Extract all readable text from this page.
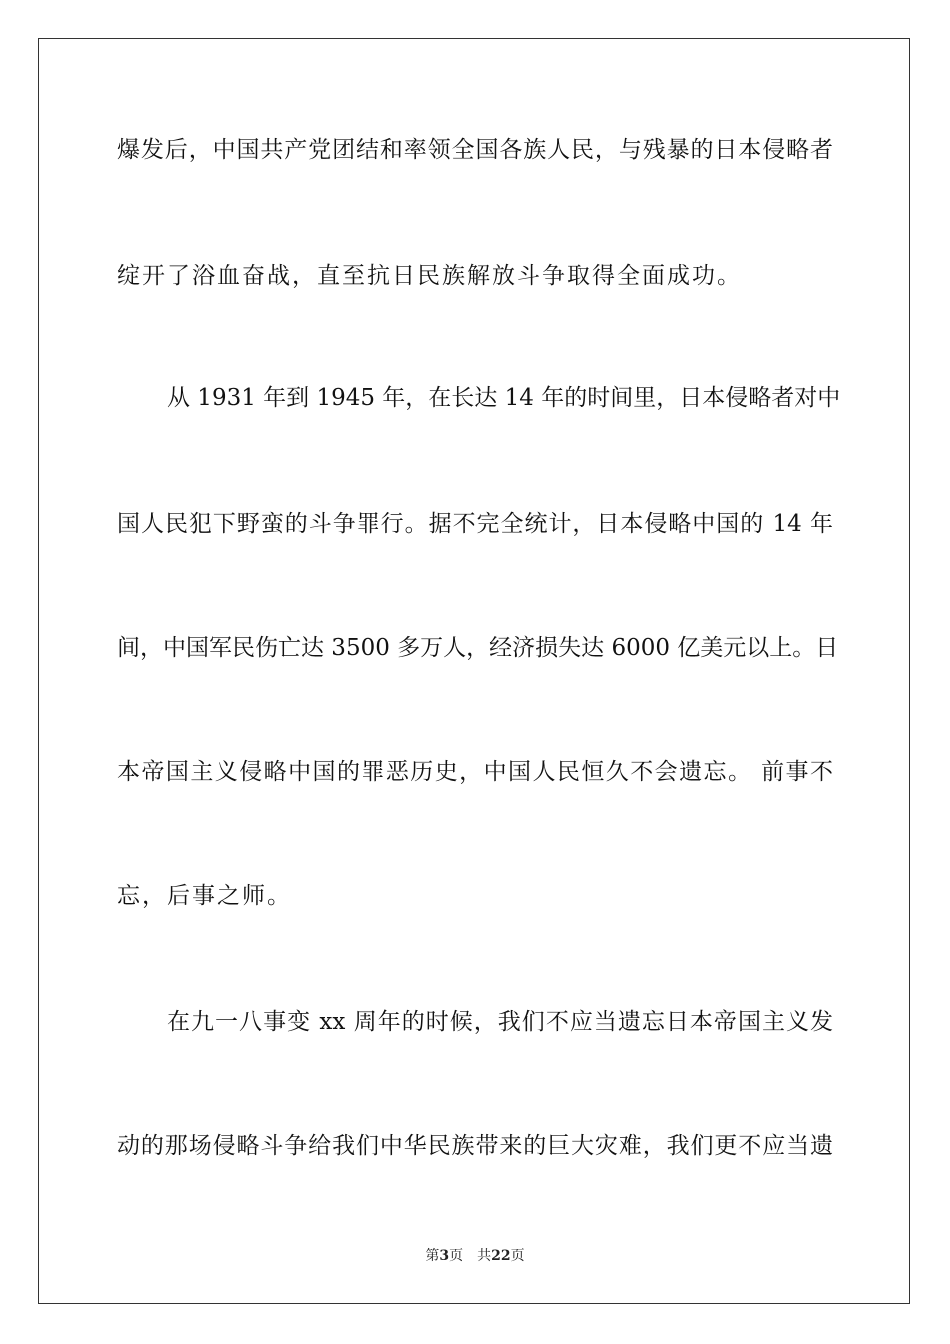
爆发后，中国共产党团结和率领全国各族人民，与残暴的日本侵略者
绽开了浴血奋战，直至抗日民族解放斗争取得全面成功。
从 1931 年到 1945 年，在长达 14 年的时间里，日本侵略者对中
国人民犯下野蛮的斗争罪行。据不完全统计，日本侵略中国的 14 年
间，中国军民伤亡达 3500 多万人，经济损失达 6000 亿美元以上。日
本帝国主义侵略中国的罪恶历史，中国人民恒久不会遗忘。 前事不
忘，后事之师。
在九一八事变 xx 周年的时候，我们不应当遗忘日本帝国主义发
动的那场侵略斗争给我们中华民族带来的巨大灾难，我们更不应当遗
第3页 共22页
